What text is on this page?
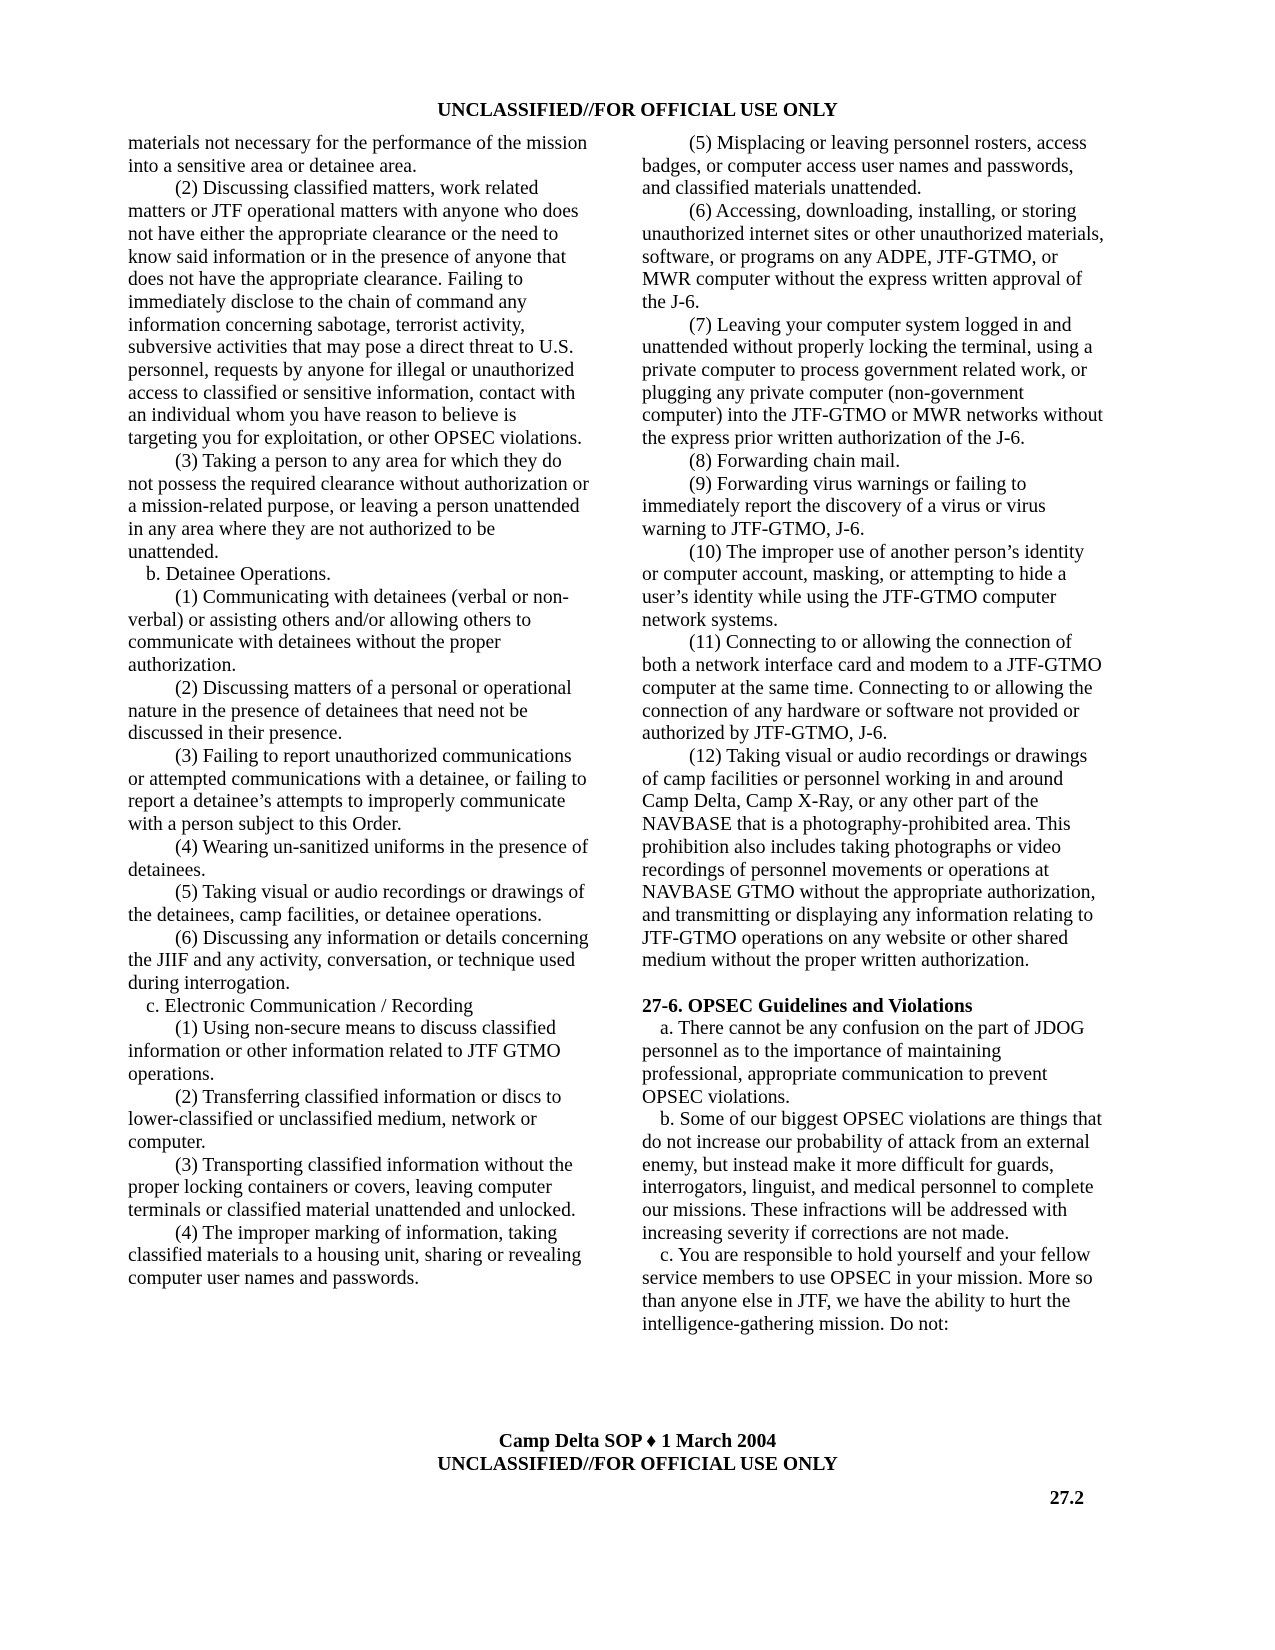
UNCLASSIFIED//FOR OFFICIAL USE ONLY

materials not necessary for the performance of the mission into a sensitive area or detainee area.

(2) Discussing classified matters, work related matters or JTF operational matters with anyone who does not have either the appropriate clearance or the need to know said information or in the presence of anyone that does not have the appropriate clearance. Failing to immediately disclose to the chain of command any information concerning sabotage, terrorist activity, subversive activities that may pose a direct threat to U.S. personnel, requests by anyone for illegal or unauthorized access to classified or sensitive information, contact with an individual whom you have reason to believe is targeting you for exploitation, or other OPSEC violations.

(3) Taking a person to any area for which they do not possess the required clearance without authorization or a mission-related purpose, or leaving a person unattended in any area where they are not authorized to be unattended.

b. Detainee Operations.

(1) Communicating with detainees (verbal or non-verbal) or assisting others and/or allowing others to communicate with detainees without the proper authorization.

(2) Discussing matters of a personal or operational nature in the presence of detainees that need not be discussed in their presence.

(3) Failing to report unauthorized communications or attempted communications with a detainee, or failing to report a detainee’s attempts to improperly communicate with a person subject to this Order.

(4) Wearing un-sanitized uniforms in the presence of detainees.

(5) Taking visual or audio recordings or drawings of the detainees, camp facilities, or detainee operations.

(6) Discussing any information or details concerning the JIIF and any activity, conversation, or technique used during interrogation.

c. Electronic Communication / Recording

(1) Using non-secure means to discuss classified information or other information related to JTF GTMO operations.

(2) Transferring classified information or discs to lower-classified or unclassified medium, network or computer.

(3) Transporting classified information without the proper locking containers or covers, leaving computer terminals or classified material unattended and unlocked.

(4) The improper marking of information, taking classified materials to a housing unit, sharing or revealing computer user names and passwords.

(5) Misplacing or leaving personnel rosters, access badges, or computer access user names and passwords, and classified materials unattended.

(6) Accessing, downloading, installing, or storing unauthorized internet sites or other unauthorized materials, software, or programs on any ADPE, JTF-GTMO, or MWR computer without the express written approval of the J-6.

(7) Leaving your computer system logged in and unattended without properly locking the terminal, using a private computer to process government related work, or plugging any private computer (non-government computer) into the JTF-GTMO or MWR networks without the express prior written authorization of the J-6.

(8) Forwarding chain mail.

(9) Forwarding virus warnings or failing to immediately report the discovery of a virus or virus warning to JTF-GTMO, J-6.

(10) The improper use of another person’s identity or computer account, masking, or attempting to hide a user’s identity while using the JTF-GTMO computer network systems.

(11) Connecting to or allowing the connection of both a network interface card and modem to a JTF-GTMO computer at the same time. Connecting to or allowing the connection of any hardware or software not provided or authorized by JTF-GTMO, J-6.

(12) Taking visual or audio recordings or drawings of camp facilities or personnel working in and around Camp Delta, Camp X-Ray, or any other part of the NAVBASE that is a photography-prohibited area. This prohibition also includes taking photographs or video recordings of personnel movements or operations at NAVBASE GTMO without the appropriate authorization, and transmitting or displaying any information relating to JTF-GTMO operations on any website or other shared medium without the proper written authorization.

27-6. OPSEC Guidelines and Violations

a. There cannot be any confusion on the part of JDOG personnel as to the importance of maintaining professional, appropriate communication to prevent OPSEC violations.

b. Some of our biggest OPSEC violations are things that do not increase our probability of attack from an external enemy, but instead make it more difficult for guards, interrogators, linguist, and medical personnel to complete our missions. These infractions will be addressed with increasing severity if corrections are not made.

c. You are responsible to hold yourself and your fellow service members to use OPSEC in your mission. More so than anyone else in JTF, we have the ability to hurt the intelligence-gathering mission. Do not:

Camp Delta SOP ♦ 1 March 2004
UNCLASSIFIED//FOR OFFICIAL USE ONLY
27.2
